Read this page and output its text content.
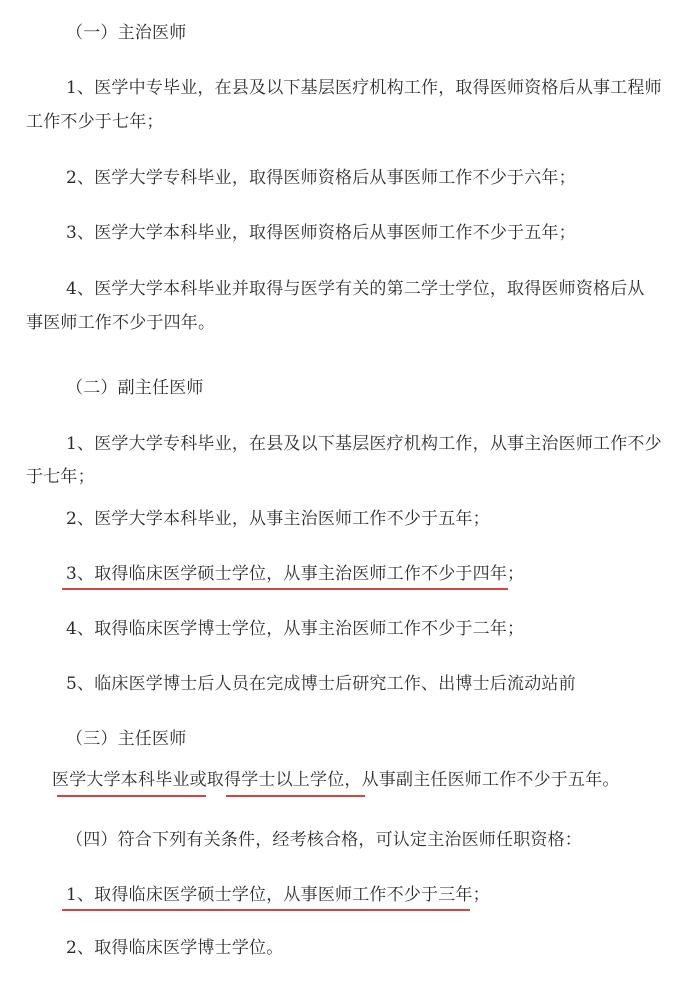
（一）主治医师
1、医学中专毕业，在县及以下基层医疗机构工作，取得医师资格后从事工程师
工作不少于七年；
2、医学大学专科毕业，取得医师资格后从事医师工作不少于六年；
3、医学大学本科毕业，取得医师资格后从事医师工作不少于五年；
4、医学大学本科毕业并取得与医学有关的第二学士学位，取得医师资格后从
事医师工作不少于四年。
（二）副主任医师
1、医学大学专科毕业，在县及以下基层医疗机构工作，从事主治医师工作不少
于七年；
2、医学大学本科毕业，从事主治医师工作不少于五年；
3、取得临床医学硕士学位，从事主治医师工作不少于四年；
4、取得临床医学博士学位，从事主治医师工作不少于二年；
5、临床医学博士后人员在完成博士后研究工作、出博士后流动站前
（三）主任医师
医学大学本科毕业或取得学士以上学位，从事副主任医师工作不少于五年。
（四）符合下列有关条件，经考核合格，可认定主治医师任职资格：
1、取得临床医学硕士学位，从事医师工作不少于三年；
2、取得临床医学博士学位。
